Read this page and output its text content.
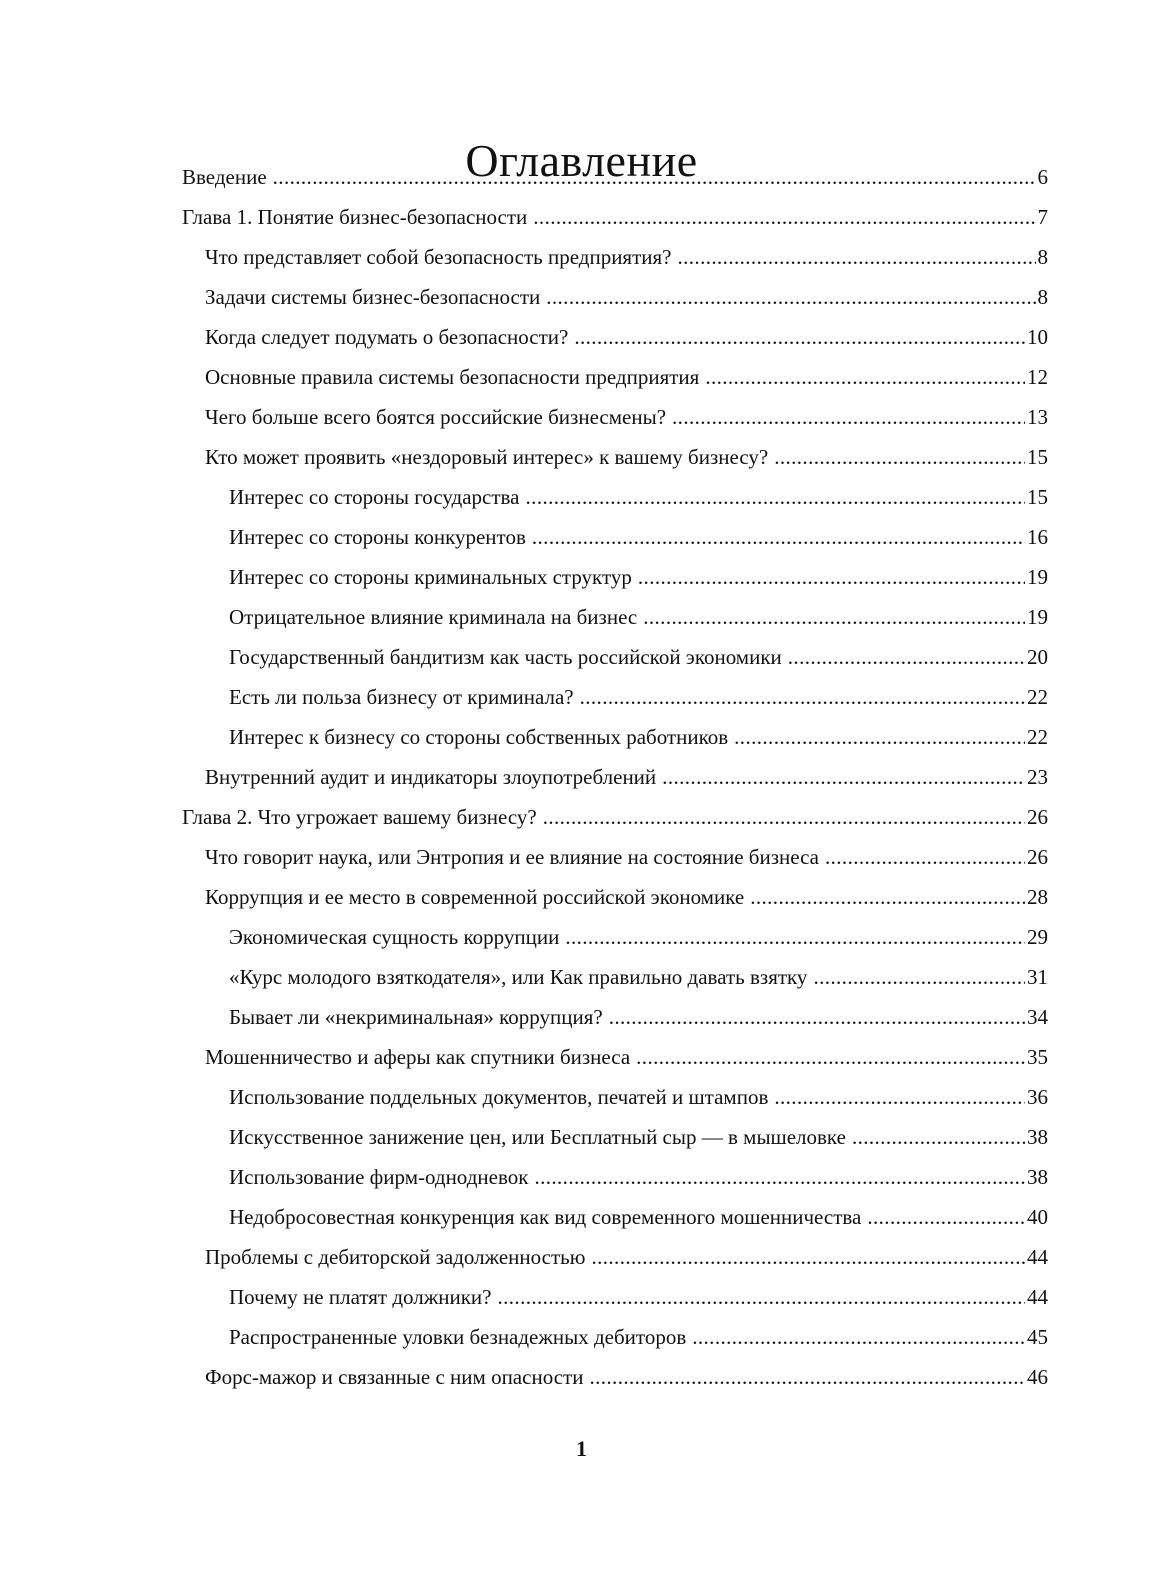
Оглавление
Введение .....	6
Глава 1. Понятие бизнес-безопасности .....	7
Что представляет собой безопасность предприятия? .....	8
Задачи системы бизнес-безопасности .....	8
Когда следует подумать о безопасности? .....	10
Основные правила системы безопасности предприятия .....	12
Чего больше всего боятся российские бизнесмены? .....	13
Кто может проявить «нездоровый интерес» к вашему бизнесу? .....	15
Интерес со стороны государства .....	15
Интерес со стороны конкурентов .....	16
Интерес со стороны криминальных структур .....	19
Отрицательное влияние криминала на бизнес .....	19
Государственный бандитизм как часть российской экономики .....	20
Есть ли польза бизнесу от криминала? .....	22
Интерес к бизнесу со стороны собственных работников .....	22
Внутренний аудит и индикаторы злоупотреблений .....	23
Глава 2. Что угрожает вашему бизнесу? .....	26
Что говорит наука, или Энтропия и ее влияние на состояние бизнеса .....	26
Коррупция и ее место в современной российской экономике .....	28
Экономическая сущность коррупции .....	29
«Курс молодого взяткодателя», или Как правильно давать взятку .....	31
Бывает ли «некриминальная» коррупция? .....	34
Мошенничество и аферы как спутники бизнеса .....	35
Использование поддельных документов, печатей и штампов .....	36
Искусственное занижение цен, или Бесплатный сыр — в мышеловке .....	38
Использование фирм-однодневок .....	38
Недобросовестная конкуренция как вид современного мошенничества .....	40
Проблемы с дебиторской задолженностью .....	44
Почему не платят должники? .....	44
Распространенные уловки безнадежных дебиторов .....	45
Форс-мажор и связанные с ним опасности .....	46
1
